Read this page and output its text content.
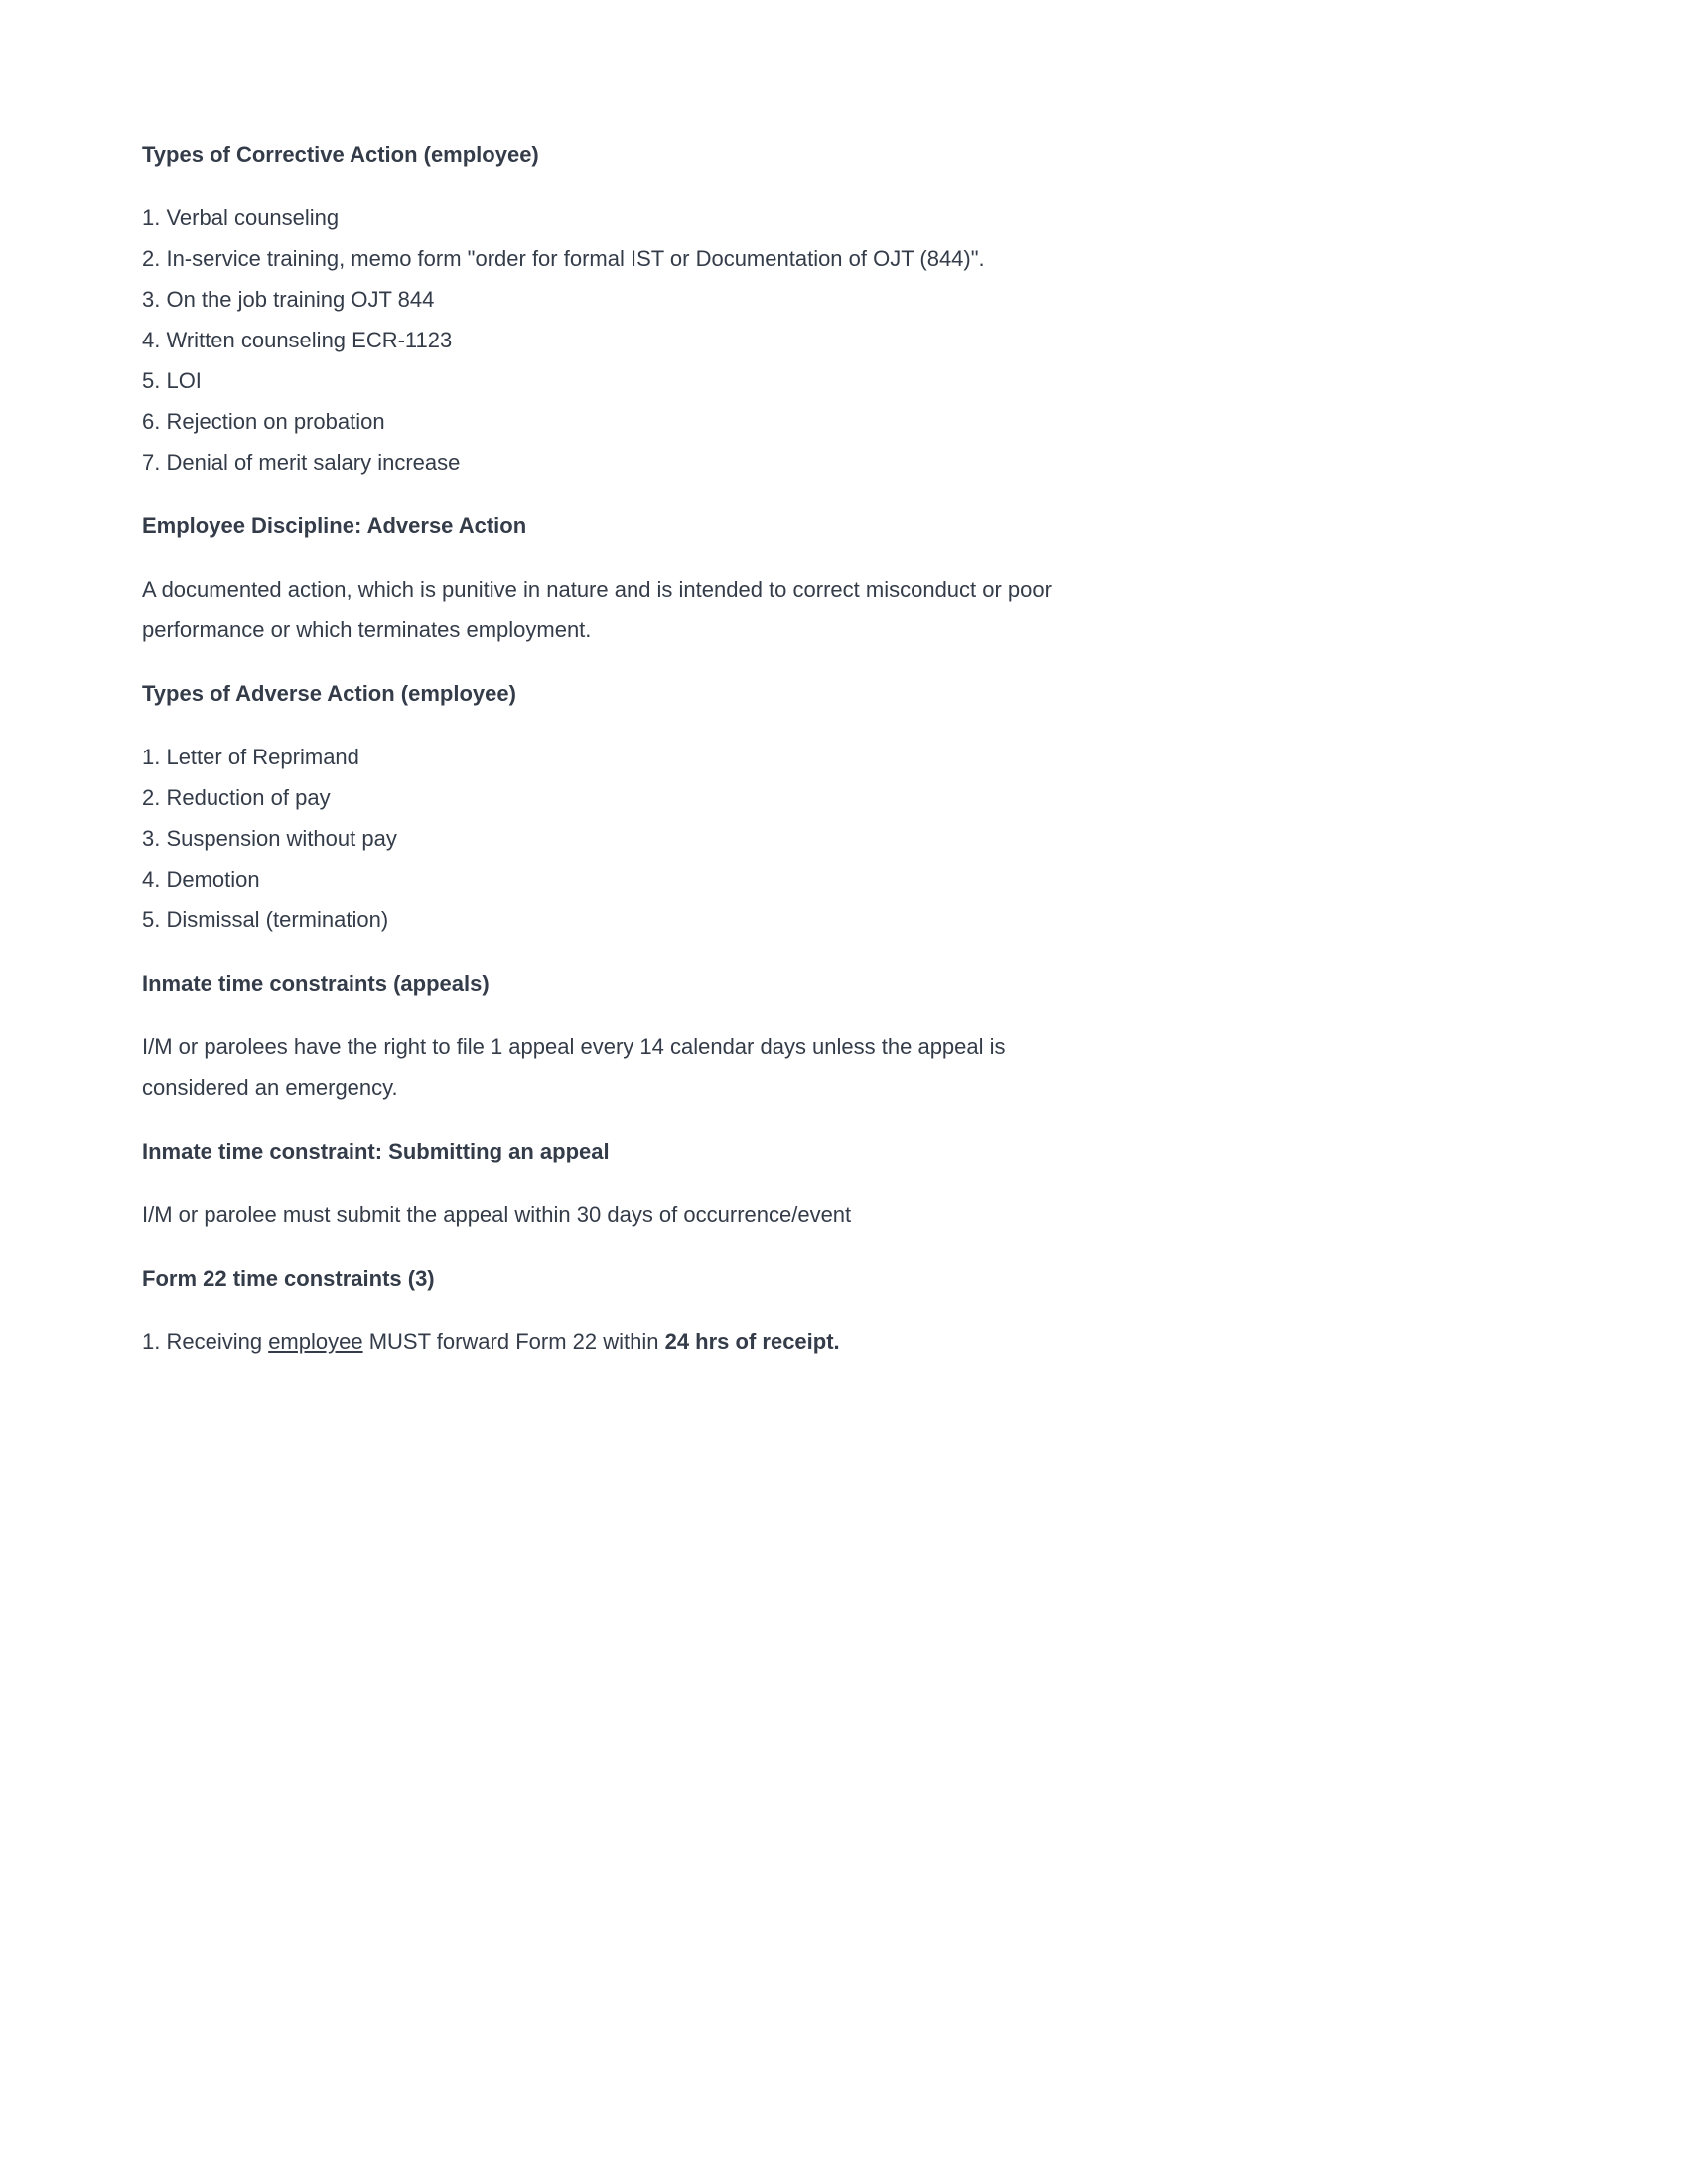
Types of Corrective Action (employee)

1. Verbal counseling

2. In-service training, memo form "order for formal IST or Documentation of OJT (844)".

3. On the job training OJT 844

4. Written counseling ECR-1123

5. LOI

6. Rejection on probation

7. Denial of merit salary increase

Employee Discipline: Adverse Action

A documented action, which is punitive in nature and is intended to correct misconduct or poor performance or which terminates employment.

Types of Adverse Action (employee)

1. Letter of Reprimand

2. Reduction of pay

3. Suspension without pay

4. Demotion

5. Dismissal (termination)

Inmate time constraints (appeals)

I/M or parolees have the right to file 1 appeal every 14 calendar days unless the appeal is considered an emergency.

Inmate time constraint: Submitting an appeal

I/M or parolee must submit the appeal within 30 days of occurrence/event

Form 22 time constraints (3)

1. Receiving employee MUST forward Form 22 within 24 hrs of receipt.
